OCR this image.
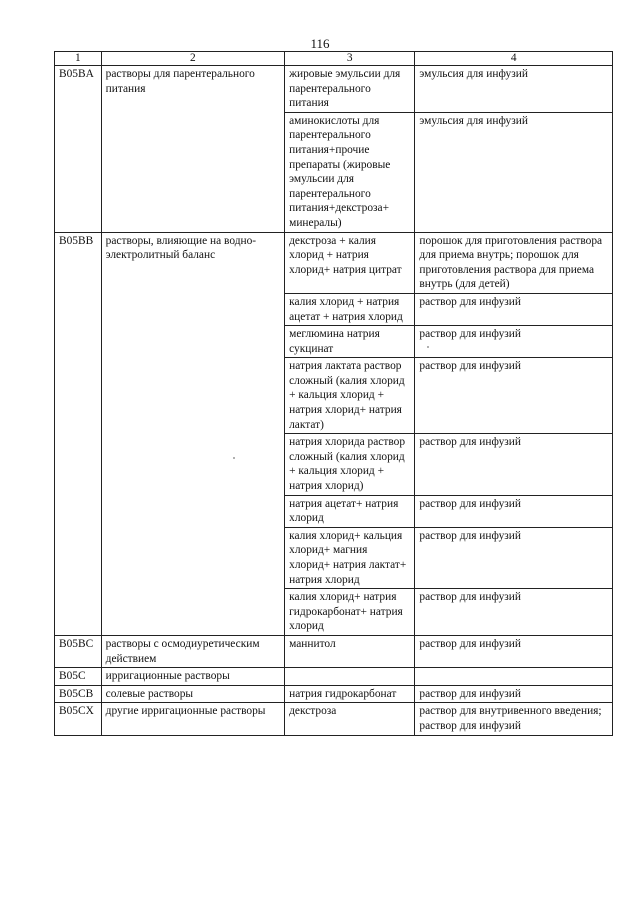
116
1	2	3	4
B05BA	растворы для парентерального питания	жировые эмульсии для парентерального питания	эмульсия для инфузий
		аминокислоты для парентерального питания+прочие препараты (жировые эмульсии для парентерального питания+декстроза+ минералы)	эмульсия для инфузий
B05BB	растворы, влияющие на водно-электролитный баланс	декстроза + калия хлорид + натрия хлорид+ натрия цитрат	порошок для приготовления раствора для приема внутрь; порошок для приготовления раствора для приема внутрь (для детей)
		калия хлорид + натрия ацетат + натрия хлорид	раствор для инфузий
		меглюмина натрия сукцинат	раствор для инфузий
		натрия лактата раствор сложный (калия хлорид + кальция хлорид + натрия хлорид+ натрия лактат)	раствор для инфузий
		натрия хлорида раствор сложный (калия хлорид + кальция хлорид + натрия хлорид)	раствор для инфузий
		натрия ацетат+ натрия хлорид	раствор для инфузий
		калия хлорид+ кальция хлорид+ магния хлорид+ натрия лактат+ натрия хлорид	раствор для инфузий
		калия хлорид+ натрия гидрокарбонат+ натрия хлорид	раствор для инфузий
B05BC	растворы с осмодиуретическим действием	маннитол	раствор для инфузий
B05C	ирригационные растворы		
B05CB	солевые растворы	натрия гидрокарбонат	раствор для инфузий
B05CX	другие ирригационные растворы	декстроза	раствор для внутривенного введения; раствор для инфузий
